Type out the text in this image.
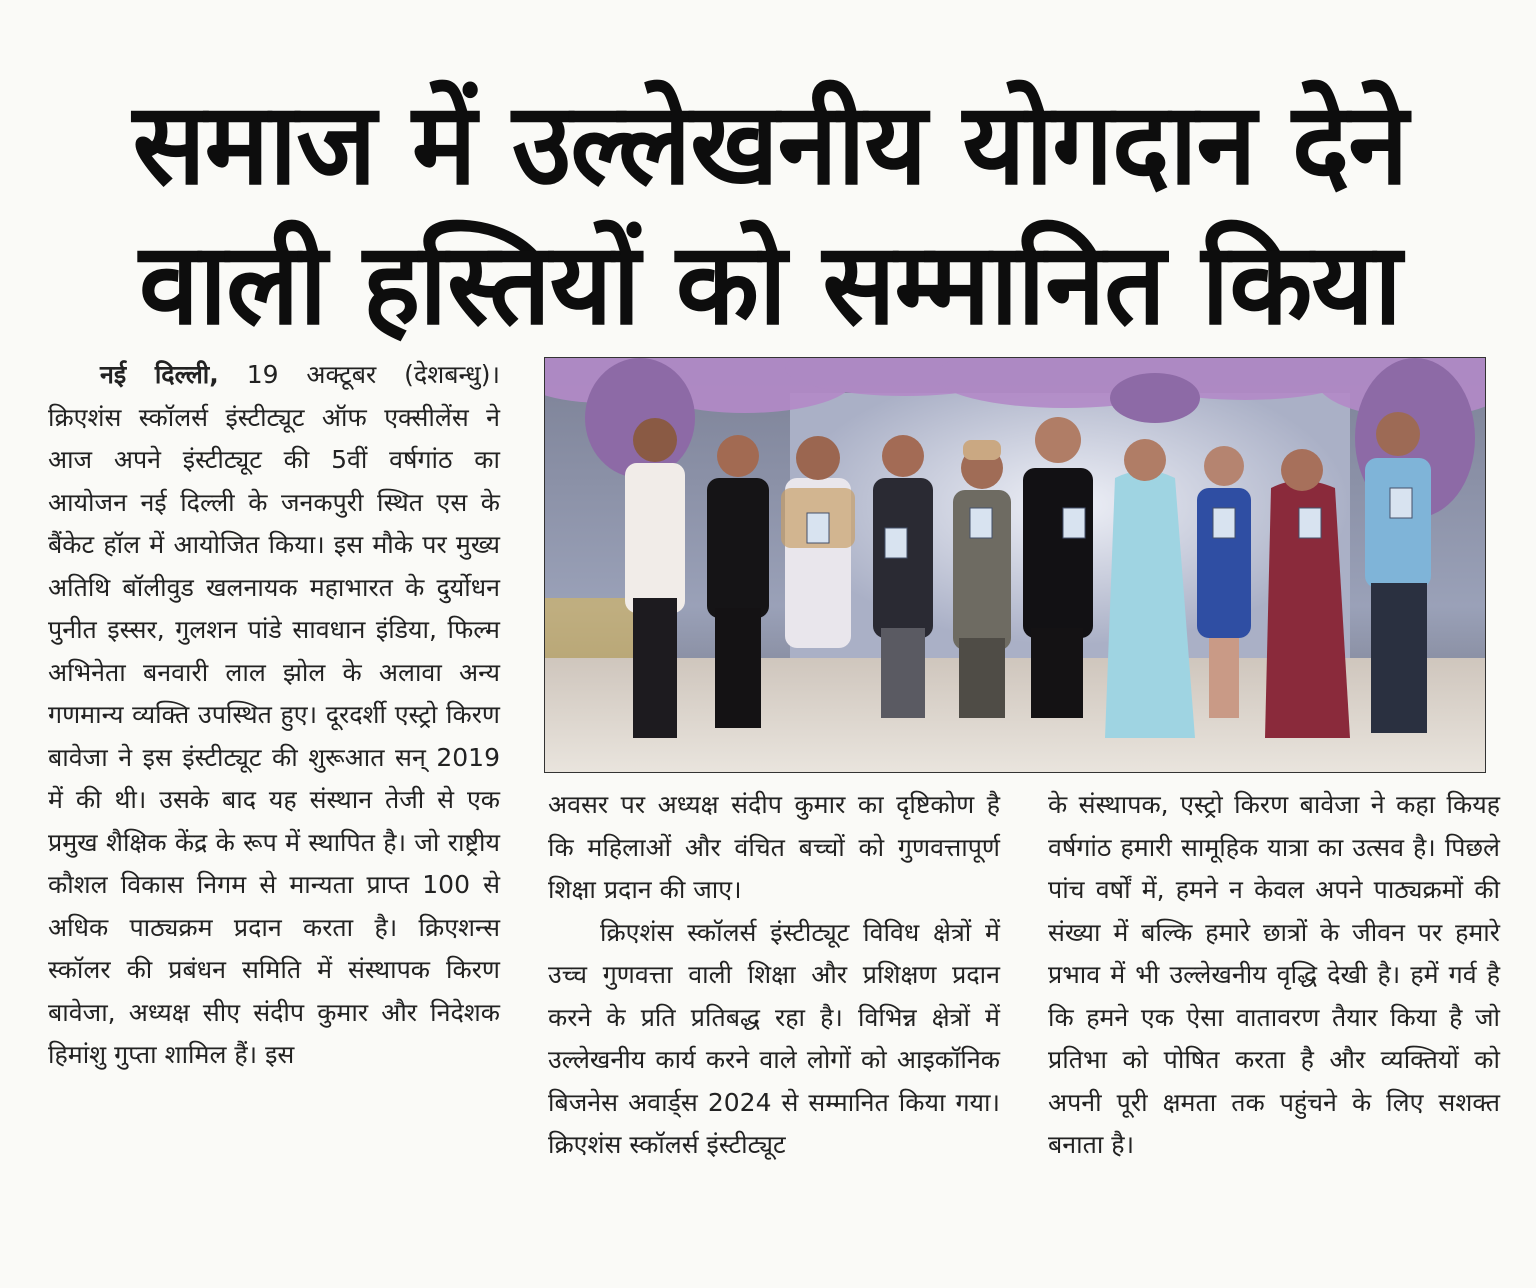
समाज में उल्लेखनीय योगदान देने
वाली हस्तियों को सम्मानित किया

नई दिल्ली, 19 अक्टूबर (देशबन्धु)। क्रिएशंस स्कॉलर्स इंस्टीट्यूट ऑफ एक्सीलेंस ने आज अपने इंस्टीट्यूट की 5वीं वर्षगांठ का आयोजन नई दिल्ली के जनकपुरी स्थित एस के बैंकेट हॉल में आयोजित किया। इस मौके पर मुख्य अतिथि बॉलीवुड खलनायक महाभारत के दुर्योधन पुनीत इस्सर, गुलशन पांडे सावधान इंडिया, फिल्म अभिनेता बनवारी लाल झोल के अलावा अन्य गणमान्य व्यक्ति उपस्थित हुए। दूरदर्शी एस्ट्रो किरण बावेजा ने इस इंस्टीट्यूट की शुरूआत सन् 2019 में की थी। उसके बाद यह संस्थान तेजी से एक प्रमुख शैक्षिक केंद्र के रूप में स्थापित है। जो राष्ट्रीय कौशल विकास निगम से मान्यता प्राप्त 100 से अधिक पाठ्यक्रम प्रदान करता है। क्रिएशन्स स्कॉलर की प्रबंधन समिति में संस्थापक किरण बावेजा, अध्यक्ष सीए संदीप कुमार और निदेशक हिमांशु गुप्ता शामिल हैं। इस

अवसर पर अध्यक्ष संदीप कुमार का दृष्टिकोण है कि महिलाओं और वंचित बच्चों को गुणवत्तापूर्ण शिक्षा प्रदान की जाए।

क्रिएशंस स्कॉलर्स इंस्टीट्यूट विविध क्षेत्रों में उच्च गुणवत्ता वाली शिक्षा और प्रशिक्षण प्रदान करने के प्रति प्रतिबद्ध रहा है। विभिन्न क्षेत्रों में उल्लेखनीय कार्य करने वाले लोगों को आइकॉनिक बिजनेस अवार्ड्स 2024 से सम्मानित किया गया। क्रिएशंस स्कॉलर्स इंस्टीट्यूट

के संस्थापक, एस्ट्रो किरण बावेजा ने कहा कियह वर्षगांठ हमारी सामूहिक यात्रा का उत्सव है। पिछले पांच वर्षों में, हमने न केवल अपने पाठ्यक्रमों की संख्या में बल्कि हमारे छात्रों के जीवन पर हमारे प्रभाव में भी उल्लेखनीय वृद्धि देखी है। हमें गर्व है कि हमने एक ऐसा वातावरण तैयार किया है जो प्रतिभा को पोषित करता है और व्यक्तियों को अपनी पूरी क्षमता तक पहुंचने के लिए सशक्त बनाता है।
